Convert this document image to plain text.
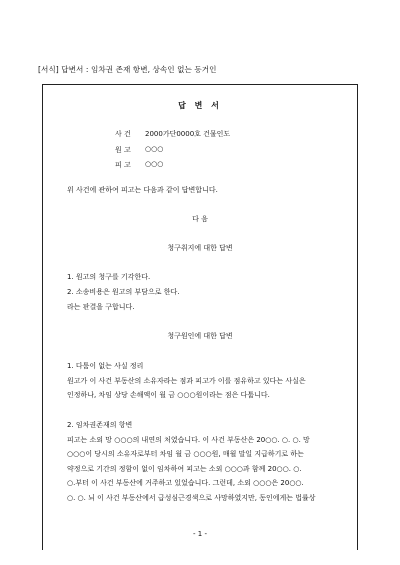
[서식] 답변서 : 임차권 존재 항변, 상속인 없는 동거인
답 변 서
사 건 2000가단0000호 건물인도
원 고 ○○○
피 고 ○○○
위 사건에 관하여 피고는 다음과 같이 답변합니다.
다 음
청구취지에 대한 답변
1. 원고의 청구를 기각한다.
2. 소송비용은 원고의 부담으로 한다.
라는 판결을 구합니다.
청구원인에 대한 답변
1. 다툼이 없는 사실 정리
원고가 이 사건 부동산의 소유자라는 점과 피고가 이를 점유하고 있다는 사실은
인정하나, 차임 상당 손해액이 월 금 ○○○원이라는 점은 다툽니다.
2. 임차권존재의 항변
피고는 소외 망 ○○○의 내연의 처였습니다. 이 사건 부동산은 20○○. ○. ○. 망
○○○이 당시의 소유자로부터 차임 월 금 ○○○원, 매월 말일 지급하기로 하는
약정으로 기간의 정함이 없이 임차하여 피고는 소외 ○○○과 함께 20○○. ○.
○.부터 이 사건 부동산에 거주하고 있었습니다. 그런데, 소외 ○○○은 20○○.
○. ○. 뇌 이 사건 부동산에서 급성심근경색으로 사망하였지만, 동인에게는 법률상
- 1 -
